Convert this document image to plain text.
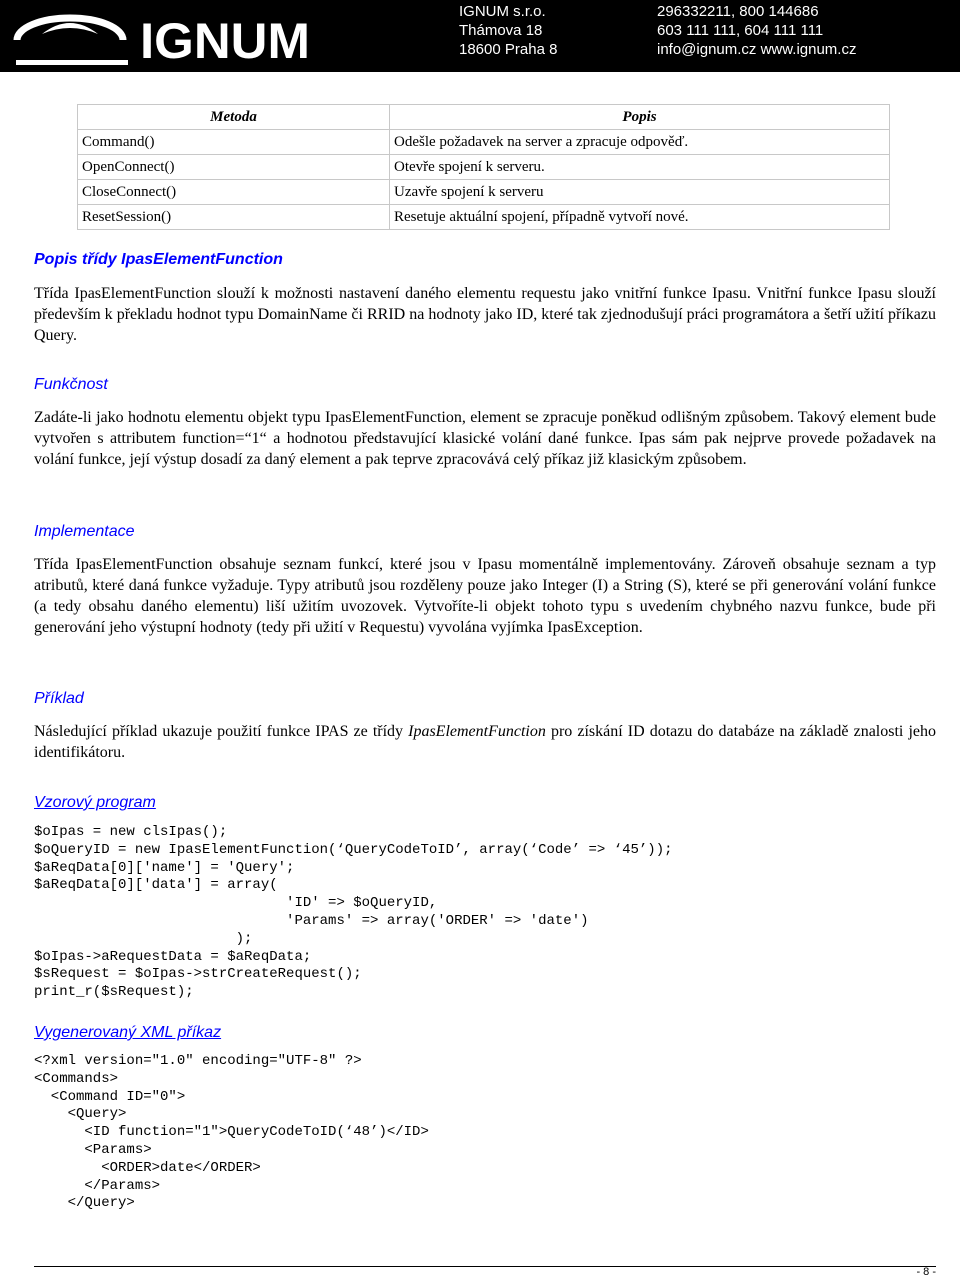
IGNUM
IGNUM s.r.o.
Thámova 18
18600 Praha 8
296332211, 800 144686
603 111 111, 604 111 111
info@ignum.cz www.ignum.cz
Metoda	Popis
Command()	Odešle požadavek na server a zpracuje odpověď.
OpenConnect()	Otevře spojení k serveru.
CloseConnect()	Uzavře spojení k serveru
ResetSession()	Resetuje aktuální spojení, případně vytvoří nové.
Popis třídy IpasElementFunction
Třída IpasElementFunction slouží k možnosti nastavení daného elementu requestu jako vnitřní funkce Ipasu. Vnitřní funkce Ipasu slouží především k překladu hodnot typu DomainName či RRID na hodnoty jako ID, které tak zjednodušují práci programátora a šetří užití příkazu Query.
Funkčnost
Zadáte-li jako hodnotu elementu objekt typu IpasElementFunction, element se zpracuje poněkud odlišným způsobem. Takový element bude vytvořen s attributem function=“1“ a hodnotou představující klasické volání dané funkce. Ipas sám pak nejprve provede požadavek na volání funkce, její výstup dosadí za daný element a pak teprve zpracovává celý příkaz již klasickým způsobem.
Implementace
Třída IpasElementFunction obsahuje seznam funkcí, které jsou v Ipasu momentálně implementovány. Zároveň obsahuje seznam a typ atributů, které daná funkce vyžaduje. Typy atributů jsou rozděleny pouze jako Integer (I) a String (S), které se při generování volání funkce (a tedy obsahu daného elementu) liší užitím uvozovek. Vytvoříte-li objekt tohoto typu s uvedením chybného nazvu funkce, bude při generování jeho výstupní hodnoty (tedy při užití v Requestu) vyvolána vyjímka IpasException.
Příklad
Následující příklad ukazuje použití funkce IPAS ze třídy IpasElementFunction pro získání ID dotazu do databáze na základě znalosti jeho identifikátoru.
Vzorový program
$oIpas = new clsIpas();
$oQueryID = new IpasElementFunction(‘QueryCodeToID’, array(‘Code’ => ‘45’));
$aReqData[0]['name'] = 'Query';
$aReqData[0]['data'] = array(
'ID' => $oQueryID,
'Params' => array('ORDER' => 'date')
);
$oIpas->aRequestData = $aReqData;
$sRequest = $oIpas->strCreateRequest();
print_r($sRequest);
Vygenerovaný XML příkaz
<?xml version="1.0" encoding="UTF-8" ?>
<Commands>
<Command ID="0">
<Query>
<ID function="1">QueryCodeToID(‘48’)</ID>
<Params>
<ORDER>date</ORDER>
</Params>
</Query>
- 8 -
